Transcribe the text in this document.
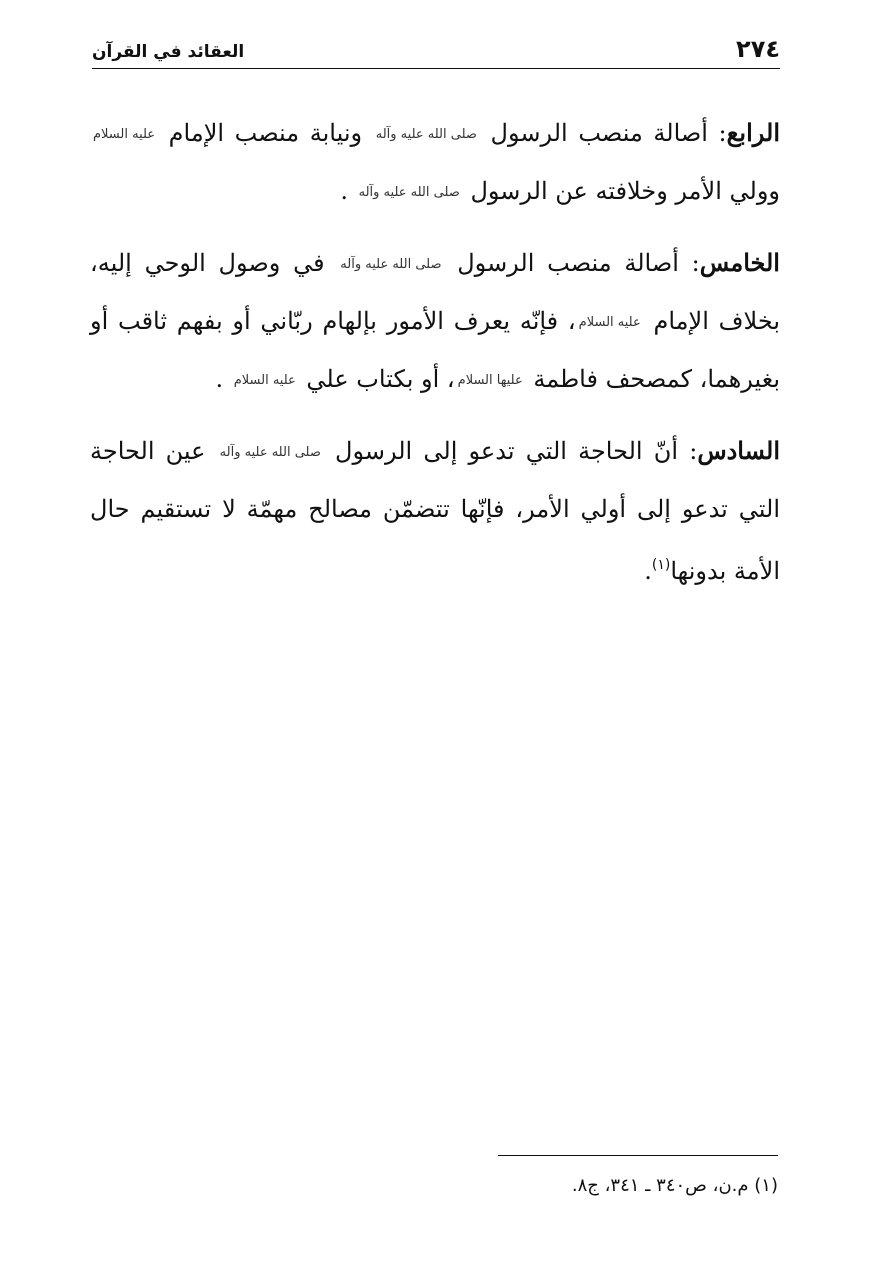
٢٧٤
العقائد في القرآن

الرابع: أصالة منصب الرسول صلى الله عليه وآله ونيابة منصب الإمام عليه السلام وولي الأمر وخلافته عن الرسول صلى الله عليه وآله .

الخامس: أصالة منصب الرسول صلى الله عليه وآله في وصول الوحي إليه، بخلاف الإمام عليه السلام، فإنّه يعرف الأمور بإلهام ربّاني أو بفهم ثاقب أو بغيرهما، كمصحف فاطمة عليها السلام، أو بكتاب علي عليه السلام .

السادس: أنّ الحاجة التي تدعو إلى الرسول صلى الله عليه وآله عين الحاجة التي تدعو إلى أولي الأمر، فإنّها تتضمّن مصالح مهمّة لا تستقيم حال الأمة بدونها$^{(١)}$.

(١) م.ن، ص٣٤٠ ـ ٣٤١، ج٨.
